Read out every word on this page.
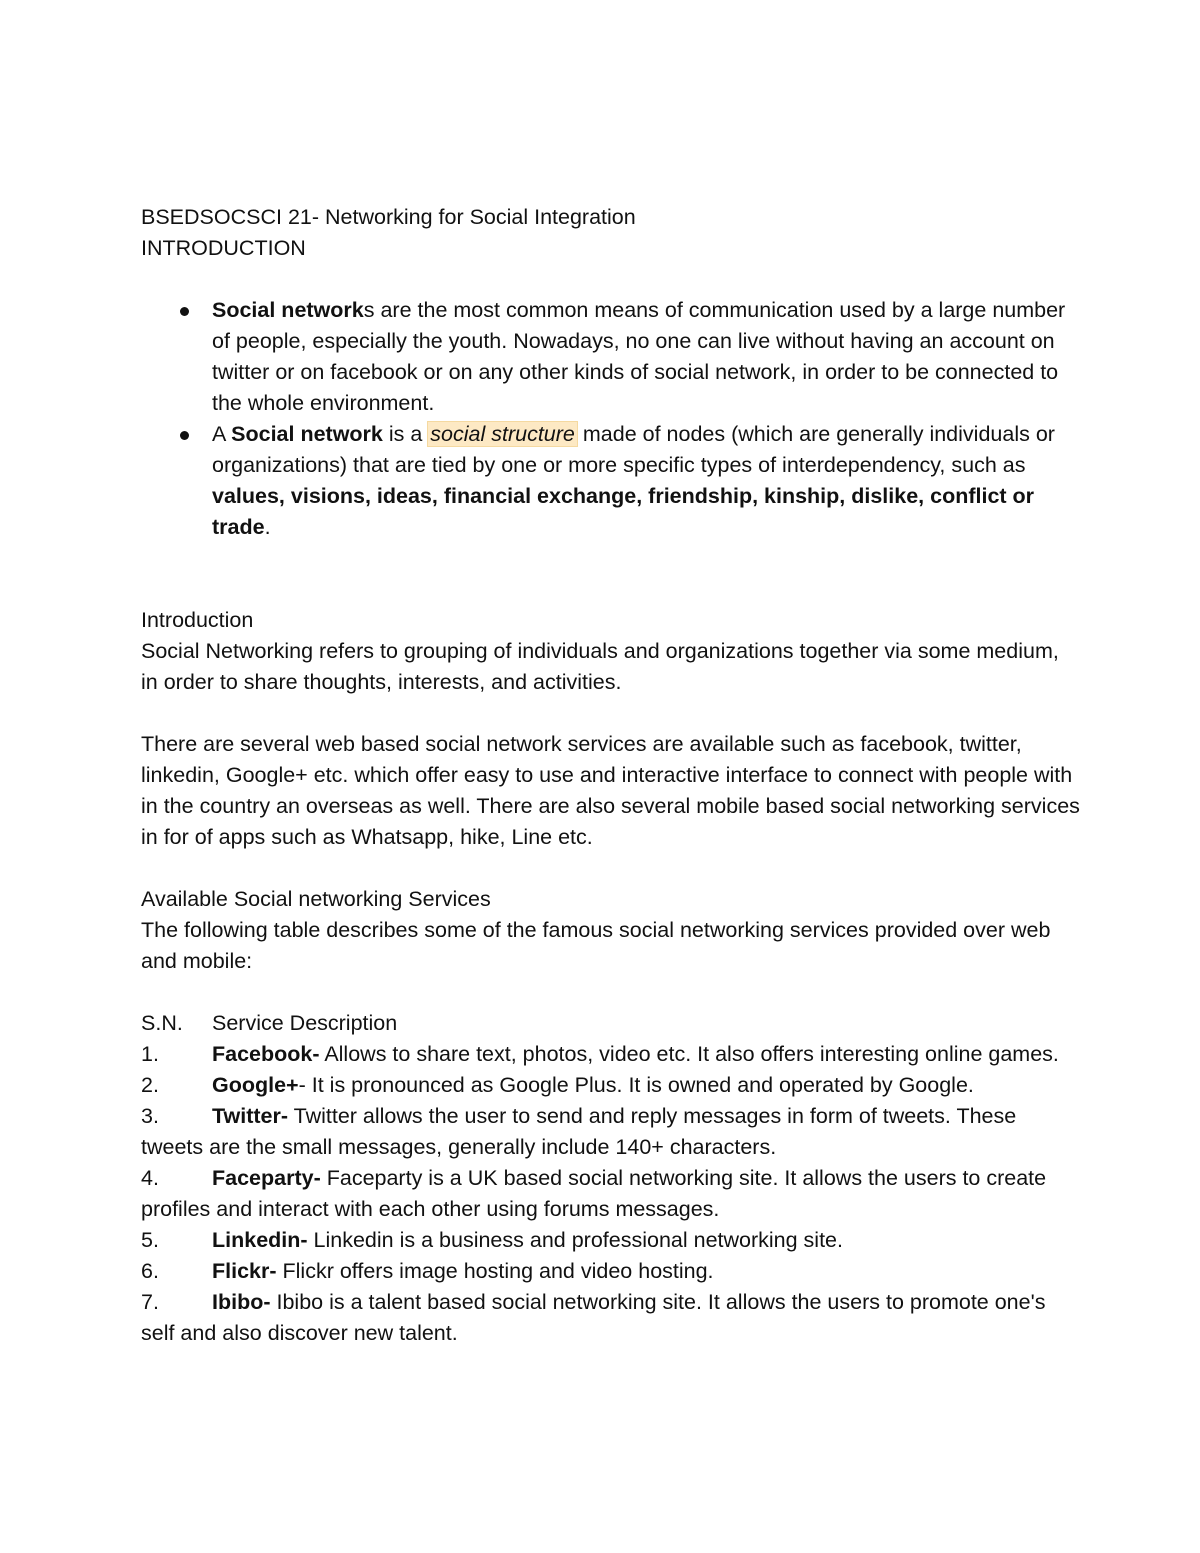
BSEDSOCSCI 21- Networking for Social Integration
INTRODUCTION
Social networks are the most common means of communication used by a large number of people, especially the youth. Nowadays, no one can live without having an account on twitter or on facebook or on any other kinds of social network, in order to be connected to the whole environment.
A Social network is a social structure made of nodes (which are generally individuals or organizations) that are tied by one or more specific types of interdependency, such as values, visions, ideas, financial exchange, friendship, kinship, dislike, conflict or trade.
Introduction
Social Networking refers to grouping of individuals and organizations together via some medium, in order to share thoughts, interests, and activities.
There are several web based social network services are available such as facebook, twitter, linkedin, Google+ etc. which offer easy to use and interactive interface to connect with people with in the country an overseas as well. There are also several mobile based social networking services in for of apps such as Whatsapp, hike, Line etc.
Available Social networking Services
The following table describes some of the famous social networking services provided over web and mobile:
S.N. Service Description
1. Facebook- Allows to share text, photos, video etc. It also offers interesting online games.
2. Google+- It is pronounced as Google Plus. It is owned and operated by Google.
3. Twitter- Twitter allows the user to send and reply messages in form of tweets. These tweets are the small messages, generally include 140+ characters.
4. Faceparty- Faceparty is a UK based social networking site. It allows the users to create profiles and interact with each other using forums messages.
5. Linkedin- Linkedin is a business and professional networking site.
6. Flickr- Flickr offers image hosting and video hosting.
7. Ibibo- Ibibo is a talent based social networking site. It allows the users to promote one's self and also discover new talent.
